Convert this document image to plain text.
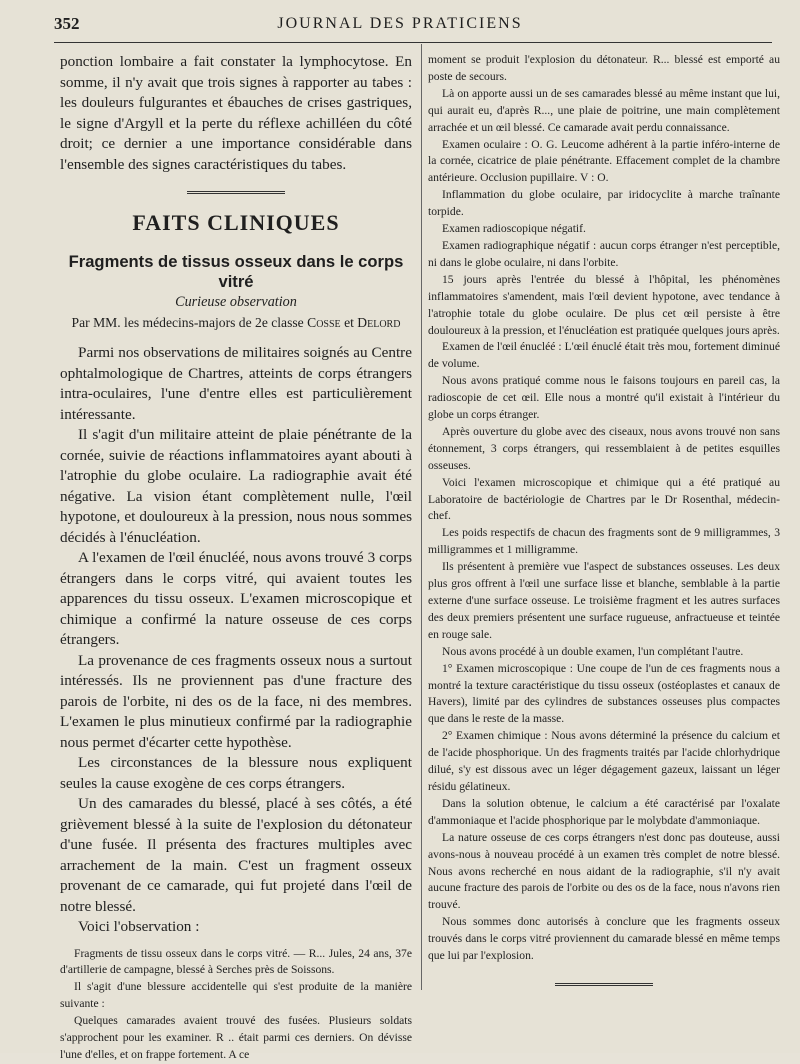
352	JOURNAL DES PRATICIENS

ponction lombaire a fait constater la lymphocytose. En somme, il n'y avait que trois signes à rapporter au tabes : les douleurs fulgurantes et ébauches de crises gastriques, le signe d'Argyll et la perte du réflexe achilléen du côté droit; ce dernier a une importance considérable dans l'ensemble des signes caractéristiques du tabes.

FAITS CLINIQUES
Fragments de tissus osseux dans le corps vitré
Curieuse observation
Par MM. les médecins-majors de 2e classe Cosse et Delord

Parmi nos observations de militaires soignés au Centre ophtalmologique de Chartres, atteints de corps étrangers intra-oculaires, l'une d'entre elles est particulièrement intéressante.

Il s'agit d'un militaire atteint de plaie pénétrante de la cornée, suivie de réactions inflammatoires ayant abouti à l'atrophie du globe oculaire. La radiographie avait été négative. La vision étant complètement nulle, l'œil hypotone, et douloureux à la pression, nous nous sommes décidés à l'énucléation.

A l'examen de l'œil énucléé, nous avons trouvé 3 corps étrangers dans le corps vitré, qui avaient toutes les apparences du tissu osseux. L'examen microscopique et chimique a confirmé la nature osseuse de ces corps étrangers.

La provenance de ces fragments osseux nous a surtout intéressés. Ils ne proviennent pas d'une fracture des parois de l'orbite, ni des os de la face, ni des membres. L'examen le plus minutieux confirmé par la radiographie nous permet d'écarter cette hypothèse.

Les circonstances de la blessure nous expliquent seules la cause exogène de ces corps étrangers.

Un des camarades du blessé, placé à ses côtés, a été grièvement blessé à la suite de l'explosion du détonateur d'une fusée. Il présenta des fractures multiples avec arrachement de la main. C'est un fragment osseux provenant de ce camarade, qui fut projeté dans l'œil de notre blessé.

Voici l'observation :

Fragments de tissu osseux dans le corps vitré. — R... Jules, 24 ans, 37e d'artillerie de campagne, blessé à Serches près de Soissons.

Il s'agit d'une blessure accidentelle qui s'est produite de la manière suivante :

Quelques camarades avaient trouvé des fusées. Plusieurs soldats s'approchent pour les examiner. R .. était parmi ces derniers. On dévisse l'une d'elles, et on frappe fortement. A ce

moment se produit l'explosion du détonateur. R... blessé est emporté au poste de secours.

Là on apporte aussi un de ses camarades blessé au même instant que lui, qui aurait eu, d'après R..., une plaie de poitrine, une main complètement arrachée et un œil blessé. Ce camarade avait perdu connaissance.

Examen oculaire : O. G. Leucome adhérent à la partie inféro-interne de la cornée, cicatrice de plaie pénétrante. Effacement complet de la chambre antérieure. Occlusion pupillaire. V : O.

Inflammation du globe oculaire, par iridocyclite à marche traînante torpide.

Examen radioscopique négatif.

Examen radiographique négatif : aucun corps étranger n'est perceptible, ni dans le globe oculaire, ni dans l'orbite.

15 jours après l'entrée du blessé à l'hôpital, les phénomènes inflammatoires s'amendent, mais l'œil devient hypotone, avec tendance à l'atrophie totale du globe oculaire. De plus cet œil persiste à être douloureux à la pression, et l'énucléation est pratiquée quelques jours après.

Examen de l'œil énucléé : L'œil énuclé était très mou, fortement diminué de volume.

Nous avons pratiqué comme nous le faisons toujours en pareil cas, la radioscopie de cet œil. Elle nous a montré qu'il existait à l'intérieur du globe un corps étranger.

Après ouverture du globe avec des ciseaux, nous avons trouvé non sans étonnement, 3 corps étrangers, qui ressemblaient à de petites esquilles osseuses.

Voici l'examen microscopique et chimique qui a été pratiqué au Laboratoire de bactériologie de Chartres par le Dr Rosenthal, médecin-chef.

Les poids respectifs de chacun des fragments sont de 9 milligrammes, 3 milligrammes et 1 milligramme.

Ils présentent à première vue l'aspect de substances osseuses. Les deux plus gros offrent à l'œil une surface lisse et blanche, semblable à la partie externe d'une surface osseuse. Le troisième fragment et les autres surfaces des deux premiers présentent une surface rugueuse, anfractueuse et teintée en rouge sale.

Nous avons procédé à un double examen, l'un complétant l'autre.

1° Examen microscopique : Une coupe de l'un de ces fragments nous a montré la texture caractéristique du tissu osseux (ostéoplastes et canaux de Havers), limité par des cylindres de substances osseuses plus compactes que dans le reste de la masse.

2° Examen chimique : Nous avons déterminé la présence du calcium et de l'acide phosphorique. Un des fragments traités par l'acide chlorhydrique dilué, s'y est dissous avec un léger dégagement gazeux, laissant un léger résidu gélatineux.

Dans la solution obtenue, le calcium a été caractérisé par l'oxalate d'ammoniaque et l'acide phosphorique par le molybdate d'ammoniaque.

La nature osseuse de ces corps étrangers n'est donc pas douteuse, aussi avons-nous à nouveau procédé à un examen très complet de notre blessé. Nous avons recherché en nous aidant de la radiographie, s'il n'y avait aucune fracture des parois de l'orbite ou des os de la face, nous n'avons rien trouvé.

Nous sommes donc autorisés à conclure que les fragments osseux trouvés dans le corps vitré proviennent du camarade blessé en même temps que lui par l'explosion.
